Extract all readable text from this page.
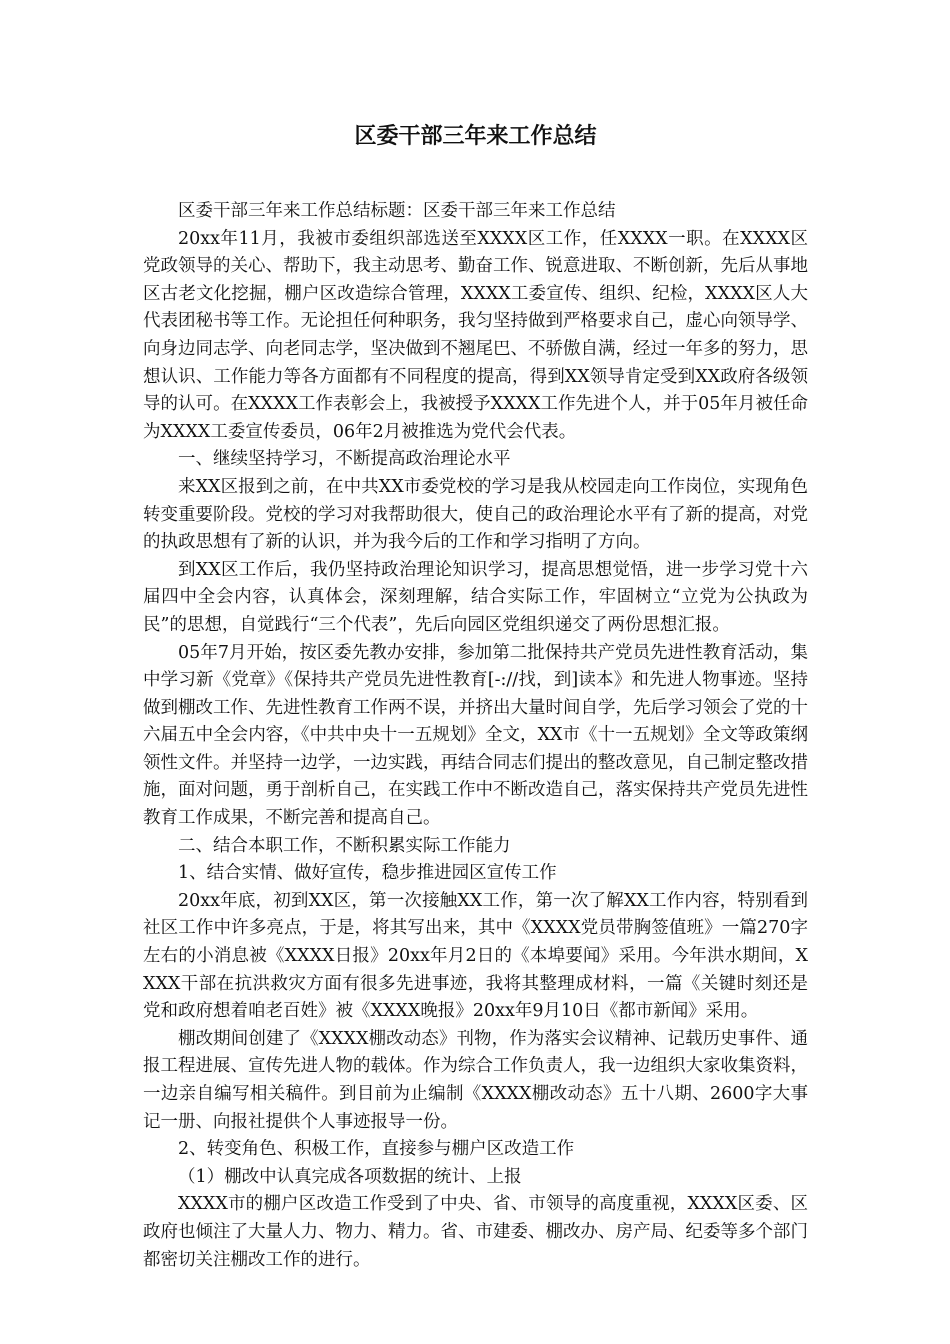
区委干部三年来工作总结

区委干部三年来工作总结标题：区委干部三年来工作总结

20xx年11月，我被市委组织部选送至XXXX区工作，任XXXX一职。在XXXX区党政领导的关心、帮助下，我主动思考、勤奋工作、锐意进取、不断创新，先后从事地区古老文化挖掘，棚户区改造综合管理，XXXX工委宣传、组织、纪检，XXXX区人大代表团秘书等工作。无论担任何种职务，我匀坚持做到严格要求自己，虚心向领导学、向身边同志学、向老同志学，坚决做到不翘尾巴、不骄傲自满，经过一年多的努力，思想认识、工作能力等各方面都有不同程度的提高，得到XX领导肯定受到XX政府各级领导的认可。在XXXX工作表彰会上，我被授予XXXX工作先进个人，并于05年月被任命为XXXX工委宣传委员，06年2月被推选为党代会代表。

一、继续坚持学习，不断提高政治理论水平

来XX区报到之前，在中共XX市委党校的学习是我从校园走向工作岗位，实现角色转变重要阶段。党校的学习对我帮助很大，使自己的政治理论水平有了新的提高，对党的执政思想有了新的认识，并为我今后的工作和学习指明了方向。

到XX区工作后，我仍坚持政治理论知识学习，提高思想觉悟，进一步学习党十六届四中全会内容，认真体会，深刻理解，结合实际工作，牢固树立“立党为公执政为民”的思想，自觉践行“三个代表”，先后向园区党组织递交了两份思想汇报。

05年7月开始，按区委先教办安排，参加第二批保持共产党员先进性教育活动，集中学习新《党章》《保持共产党员先进性教育[-://找，到]读本》和先进人物事迹。坚持做到棚改工作、先进性教育工作两不误，并挤出大量时间自学，先后学习领会了党的十六届五中全会内容，《中共中央十一五规划》全文，XX市《十一五规划》全文等政策纲领性文件。并坚持一边学，一边实践，再结合同志们提出的整改意见，自己制定整改措施，面对问题，勇于剖析自己，在实践工作中不断改造自己，落实保持共产党员先进性教育工作成果，不断完善和提高自己。

二、结合本职工作，不断积累实际工作能力

1、结合实情、做好宣传，稳步推进园区宣传工作

20xx年底，初到XX区，第一次接触XX工作，第一次了解XX工作内容，特别看到社区工作中许多亮点，于是，将其写出来，其中《XXXX党员带胸签值班》一篇270字左右的小消息被《XXXX日报》20xx年月2日的《本埠要闻》采用。今年洪水期间，XXXX干部在抗洪救灾方面有很多先进事迹，我将其整理成材料，一篇《关键时刻还是党和政府想着咱老百姓》被《XXXX晚报》20xx年9月10日《都市新闻》采用。

棚改期间创建了《XXXX棚改动态》刊物，作为落实会议精神、记载历史事件、通报工程进展、宣传先进人物的载体。作为综合工作负责人，我一边组织大家收集资料，一边亲自编写相关稿件。到目前为止编制《XXXX棚改动态》五十八期、2600字大事记一册、向报社提供个人事迹报导一份。

2、转变角色、积极工作，直接参与棚户区改造工作

（1）棚改中认真完成各项数据的统计、上报

XXXX市的棚户区改造工作受到了中央、省、市领导的高度重视，XXXX区委、区政府也倾注了大量人力、物力、精力。省、市建委、棚改办、房产局、纪委等多个部门都密切关注棚改工作的进行。
